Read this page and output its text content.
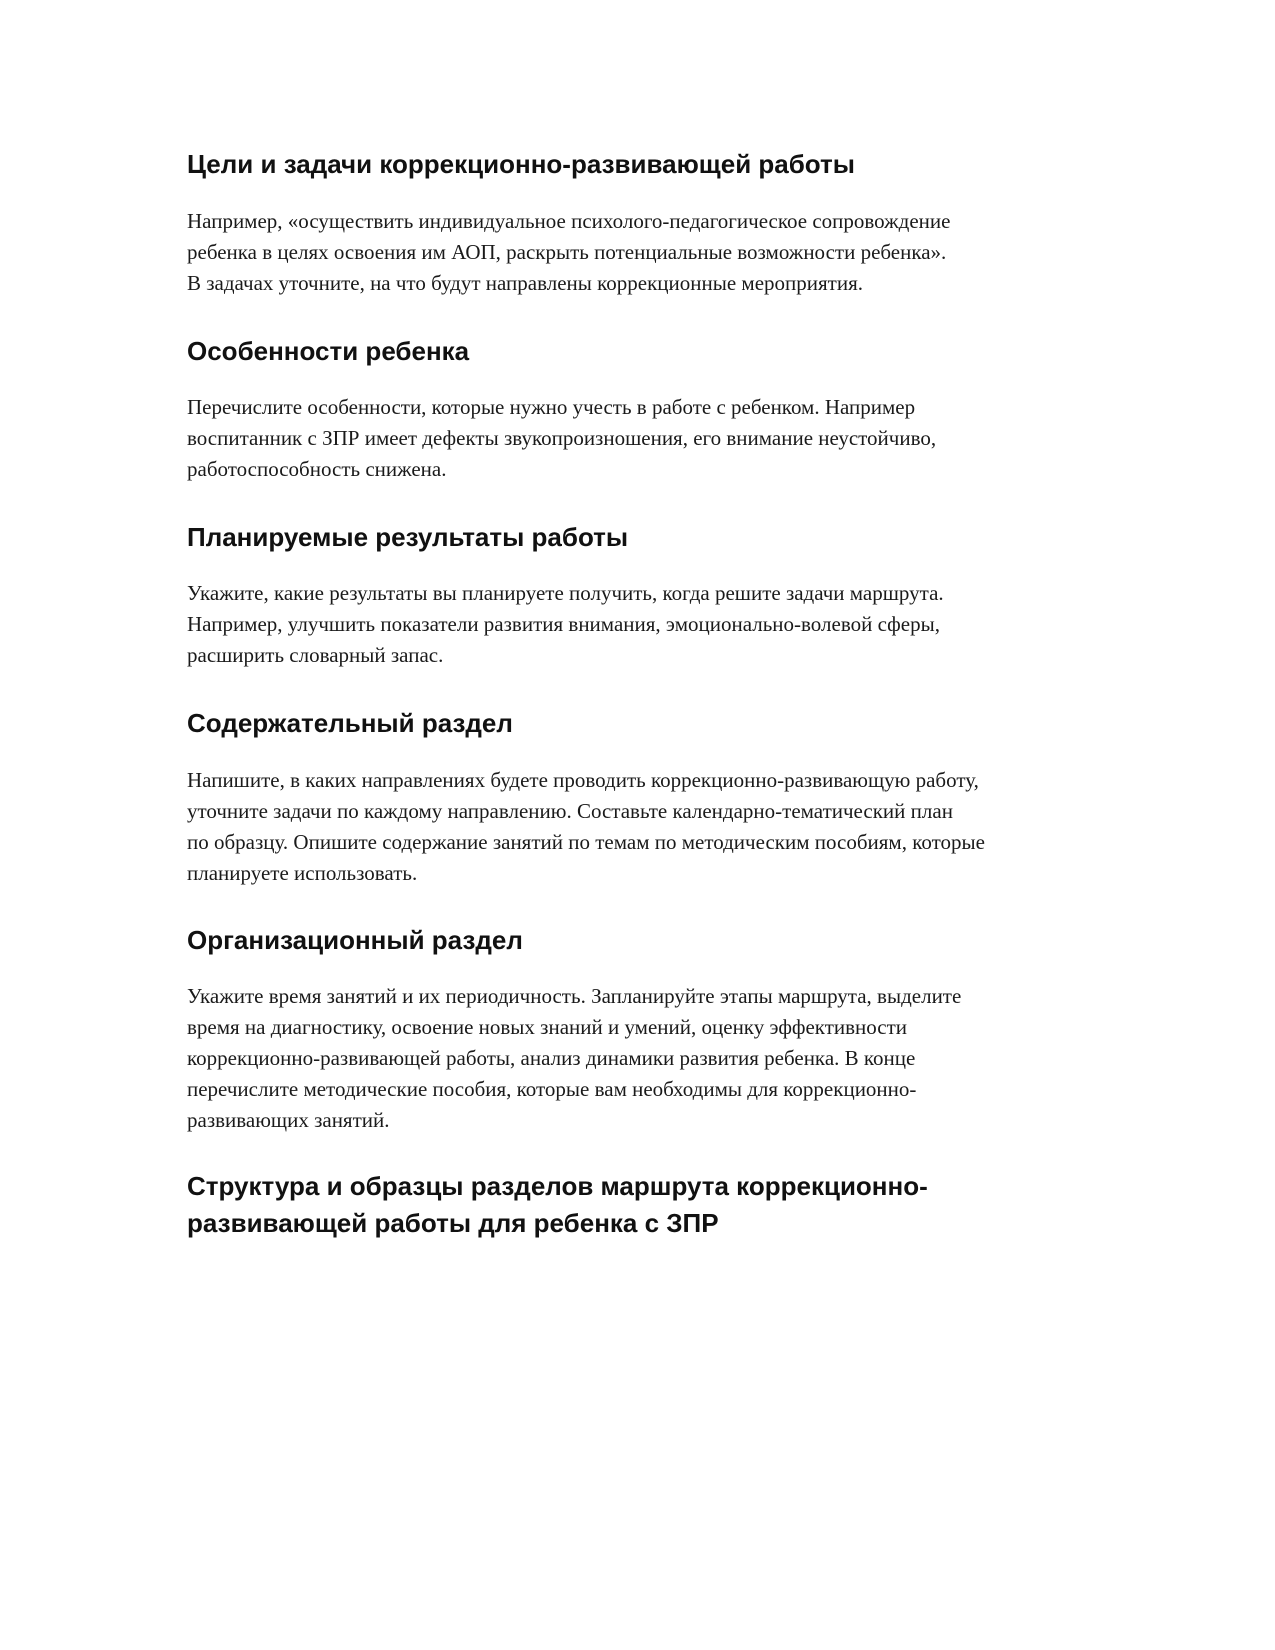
Цели и задачи коррекционно-развивающей работы
Например, «осуществить индивидуальное психолого-педагогическое сопровождение
ребенка в целях освоения им АОП, раскрыть потенциальные возможности ребенка».
В задачах уточните, на что будут направлены коррекционные мероприятия.
Особенности ребенка
Перечислите особенности, которые нужно учесть в работе с ребенком. Например
воспитанник с ЗПР имеет дефекты звукопроизношения, его внимание неустойчиво,
работоспособность снижена.
Планируемые результаты работы
Укажите, какие результаты вы планируете получить, когда решите задачи маршрута.
Например, улучшить показатели развития внимания, эмоционально-волевой сферы,
расширить словарный запас.
Содержательный раздел
Напишите, в каких направлениях будете проводить коррекционно-развивающую работу,
уточните задачи по каждому направлению. Составьте календарно-тематический план
по образцу. Опишите содержание занятий по темам по методическим пособиям, которые
планируете использовать.
Организационный раздел
Укажите время занятий и их периодичность. Запланируйте этапы маршрута, выделите
время на диагностику, освоение новых знаний и умений, оценку эффективности
коррекционно-развивающей работы, анализ динамики развития ребенка. В конце
перечислите методические пособия, которые вам необходимы для коррекционно-
развивающих занятий.
Структура и образцы разделов маршрута коррекционно-
развивающей работы для ребенка с ЗПР
